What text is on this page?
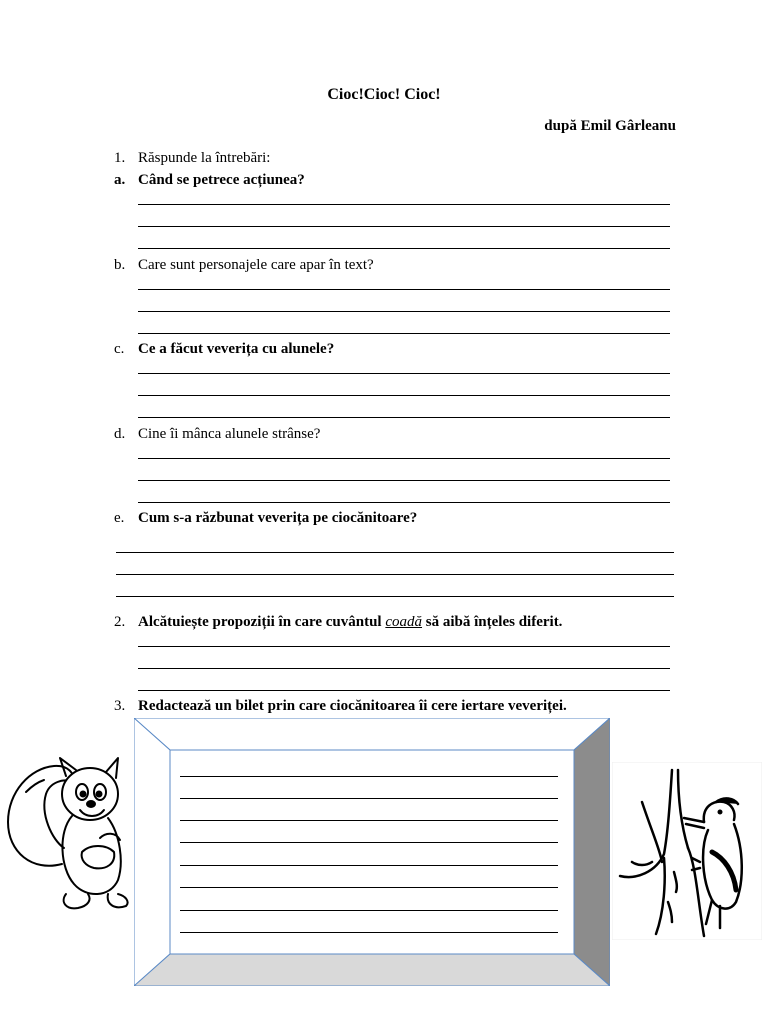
Cioc!Cioc! Cioc!
după Emil Gârleanu
1. Răspunde la întrebări:
a. Când se petrece acțiunea?
b. Care sunt personajele care apar în text?
c. Ce a făcut veverița cu alunele?
d. Cine îi mânca alunele strânse?
e. Cum s-a răzbunat veverița pe ciocănitoare?
2. Alcătuiește propoziții în care cuvântul coadă să aibă înțeles diferit.
3. Redactează un bilet prin care ciocănitoarea îi cere iertare veveriței.
